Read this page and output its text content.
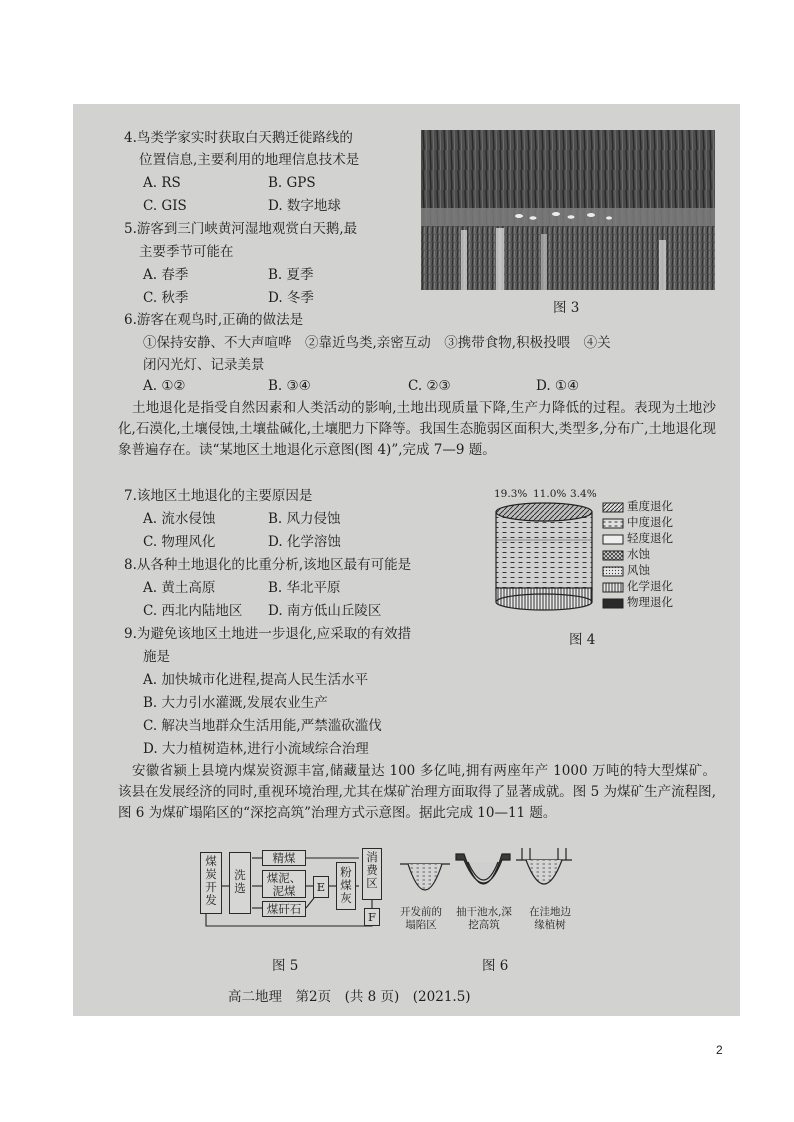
4.鸟类学家实时获取白天鹅迁徙路线的
位置信息,主要利用的地理信息技术是
A. RS	B. GPS
C. GIS	D. 数字地球
5.游客到三门峡黄河湿地观赏白天鹅,最
主要季节可能在
A. 春季	B. 夏季
C. 秋季	D. 冬季
图 3
6.游客在观鸟时,正确的做法是
①保持安静、不大声喧哗　②靠近鸟类,亲密互动　③携带食物,积极投喂　④关
闭闪光灯、记录美景
A. ①②	B. ③④	C. ②③	D. ①④
土地退化是指受自然因素和人类活动的影响,土地出现质量下降,生产力降低的过程。表现为土地沙化,石漠化,土壤侵蚀,土壤盐碱化,土壤肥力下降等。我国生态脆弱区面积大,类型多,分布广,土地退化现象普遍存在。读“某地区土地退化示意图(图 4)”,完成 7—9 题。
7.该地区土地退化的主要原因是
A. 流水侵蚀	B. 风力侵蚀
C. 物理风化	D. 化学溶蚀
8.从各种土地退化的比重分析,该地区最有可能是
A. 黄土高原	B. 华北平原
C. 西北内陆地区 D. 南方低山丘陵区
9.为避免该地区土地进一步退化,应采取的有效措
施是
A. 加快城市化进程,提高人民生活水平
B. 大力引水灌溉,发展农业生产
C. 解决当地群众生活用能,严禁滥砍滥伐
D. 大力植树造林,进行小流域综合治理
19.3% 11.0% 3.4%
重度退化
中度退化
轻度退化
水蚀
风蚀
化学退化
物理退化
图 4
安徽省颍上县境内煤炭资源丰富,储藏量达 100 多亿吨,拥有两座年产 1000 万吨的特大型煤矿。该县在发展经济的同时,重视环境治理,尤其在煤矿治理方面取得了显著成就。图 5 为煤矿生产流程图,图 6 为煤矿塌陷区的“深挖高筑”治理方式示意图。据此完成 10—11 题。
煤炭开发
洗选
精煤
煤泥、泥煤
煤矸石
E
粉煤灰
消费区
F
图 5
开发前的塌陷区
抽干池水,深挖高筑
在洼地边缘植树
图 6
高二地理　第2页　(共 8 页)　(2021.5)
2
